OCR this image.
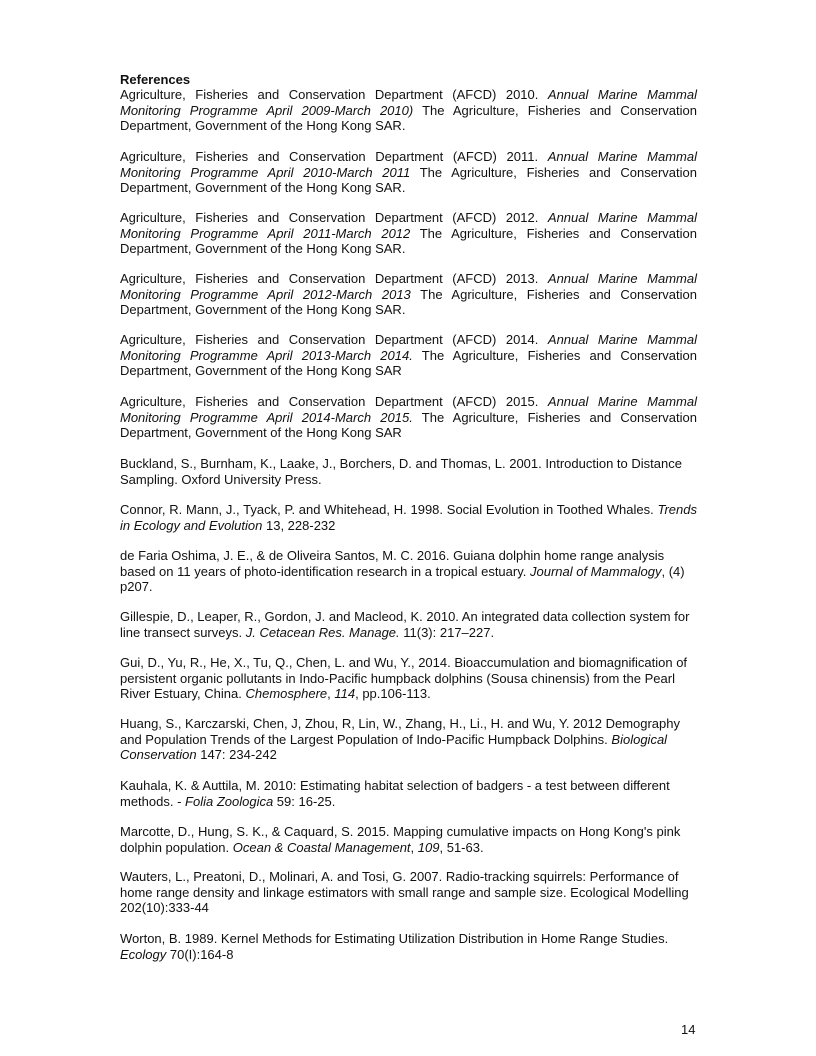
References
Agriculture, Fisheries and Conservation Department (AFCD) 2010. Annual Marine Mammal Monitoring Programme April 2009-March 2010) The Agriculture, Fisheries and Conservation Department, Government of the Hong Kong SAR.
Agriculture, Fisheries and Conservation Department (AFCD) 2011. Annual Marine Mammal Monitoring Programme April 2010-March 2011 The Agriculture, Fisheries and Conservation Department, Government of the Hong Kong SAR.
Agriculture, Fisheries and Conservation Department (AFCD) 2012. Annual Marine Mammal Monitoring Programme April 2011-March 2012 The Agriculture, Fisheries and Conservation Department, Government of the Hong Kong SAR.
Agriculture, Fisheries and Conservation Department (AFCD) 2013. Annual Marine Mammal Monitoring Programme April 2012-March 2013 The Agriculture, Fisheries and Conservation Department, Government of the Hong Kong SAR.
Agriculture, Fisheries and Conservation Department (AFCD) 2014. Annual Marine Mammal Monitoring Programme April 2013-March 2014. The Agriculture, Fisheries and Conservation Department, Government of the Hong Kong SAR
Agriculture, Fisheries and Conservation Department (AFCD) 2015. Annual Marine Mammal Monitoring Programme April 2014-March 2015. The Agriculture, Fisheries and Conservation Department, Government of the Hong Kong SAR
Buckland, S., Burnham, K., Laake, J., Borchers, D. and Thomas, L. 2001. Introduction to Distance Sampling. Oxford University Press.
Connor, R. Mann, J., Tyack, P. and Whitehead, H. 1998. Social Evolution in Toothed Whales. Trends in Ecology and Evolution 13, 228-232
de Faria Oshima, J. E., & de Oliveira Santos, M. C. 2016. Guiana dolphin home range analysis based on 11 years of photo-identification research in a tropical estuary. Journal of Mammalogy, (4) p207.
Gillespie, D., Leaper, R., Gordon, J. and Macleod, K. 2010. An integrated data collection system for line transect surveys. J. Cetacean Res. Manage. 11(3): 217–227.
Gui, D., Yu, R., He, X., Tu, Q., Chen, L. and Wu, Y., 2014. Bioaccumulation and biomagnification of persistent organic pollutants in Indo-Pacific humpback dolphins (Sousa chinensis) from the Pearl River Estuary, China. Chemosphere, 114, pp.106-113.
Huang, S., Karczarski, Chen, J, Zhou, R, Lin, W., Zhang, H., Li., H. and Wu, Y. 2012 Demography and Population Trends of the Largest Population of Indo-Pacific Humpback Dolphins. Biological Conservation 147: 234-242
Kauhala, K. & Auttila, M. 2010: Estimating habitat selection of badgers - a test between different methods. - Folia Zoologica 59: 16-25.
Marcotte, D., Hung, S. K., & Caquard, S. 2015. Mapping cumulative impacts on Hong Kong's pink dolphin population. Ocean & Coastal Management, 109, 51-63.
Wauters, L., Preatoni, D., Molinari, A. and Tosi, G. 2007. Radio-tracking squirrels: Performance of home range density and linkage estimators with small range and sample size. Ecological Modelling 202(10):333-44
Worton, B. 1989. Kernel Methods for Estimating Utilization Distribution in Home Range Studies. Ecology 70(I):164-8
14
